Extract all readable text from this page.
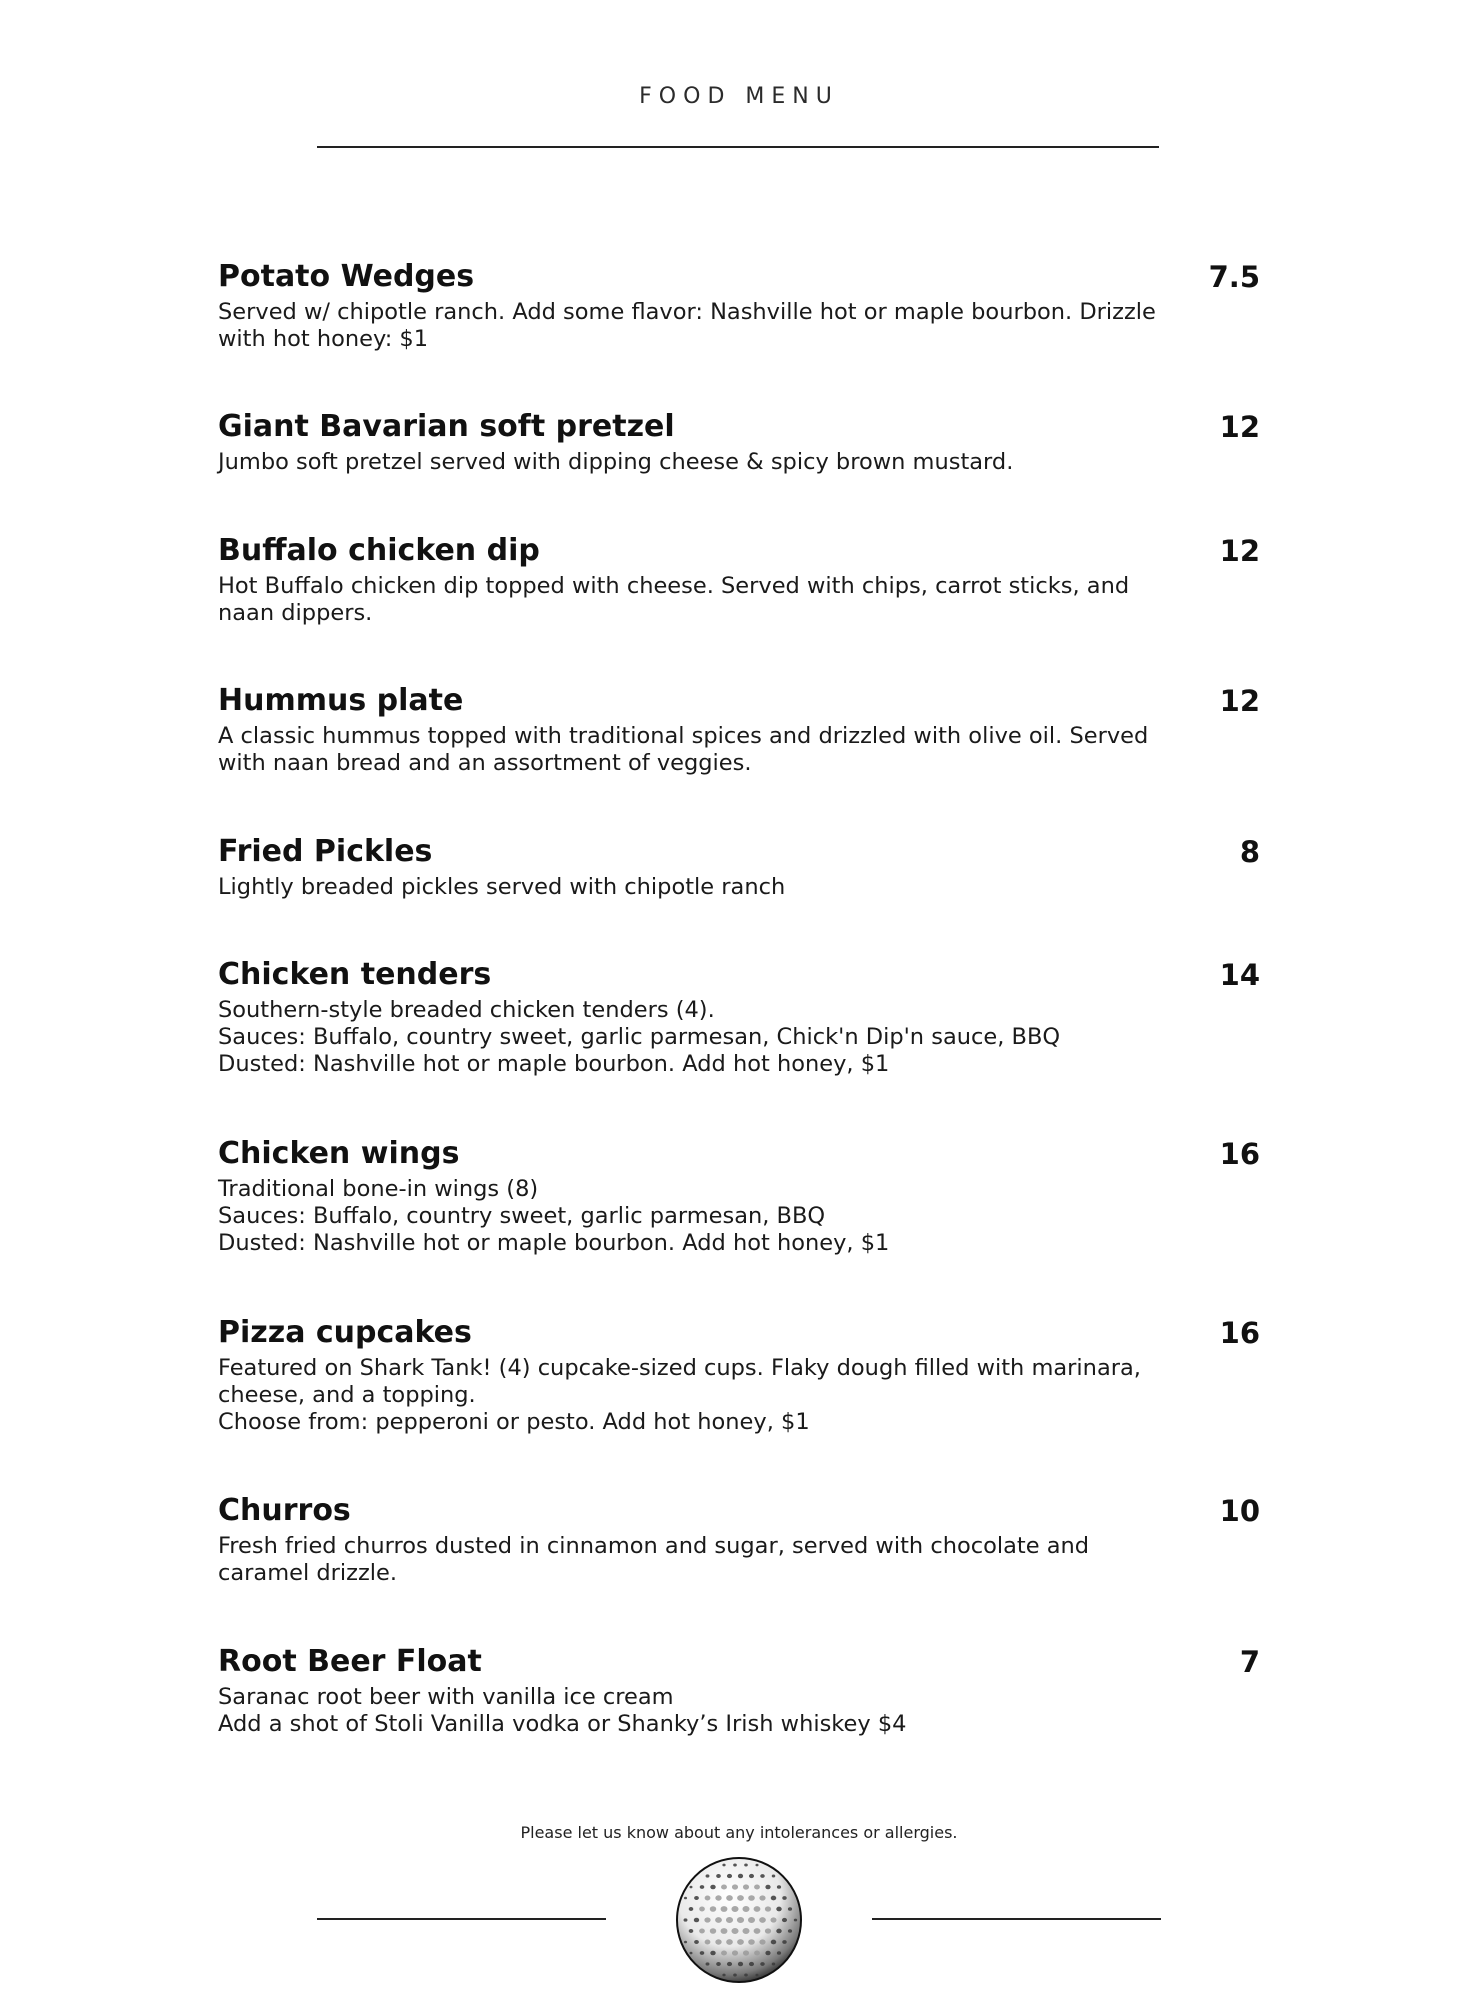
FOOD MENU
Potato Wedges	7.5
Served w/ chipotle ranch. Add some flavor: Nashville hot or maple bourbon. Drizzle
with hot honey: $1
Giant Bavarian soft pretzel	12
Jumbo soft pretzel served with dipping cheese & spicy brown mustard.
Buffalo chicken dip	12
Hot Buffalo chicken dip topped with cheese. Served with chips, carrot sticks, and
naan dippers.
Hummus plate	12
A classic hummus topped with traditional spices and drizzled with olive oil. Served
with naan bread and an assortment of veggies.
Fried Pickles	8
Lightly breaded pickles served with chipotle ranch
Chicken tenders	14
Southern-style breaded chicken tenders (4).
Sauces: Buffalo, country sweet, garlic parmesan, Chick'n Dip'n sauce, BBQ
Dusted: Nashville hot or maple bourbon. Add hot honey, $1
Chicken wings	16
Traditional bone-in wings (8)
Sauces: Buffalo, country sweet, garlic parmesan, BBQ
Dusted: Nashville hot or maple bourbon. Add hot honey, $1
Pizza cupcakes	16
Featured on Shark Tank! (4) cupcake-sized cups. Flaky dough filled with marinara,
cheese, and a topping.
Choose from: pepperoni or pesto. Add hot honey, $1
Churros	10
Fresh fried churros dusted in cinnamon and sugar, served with chocolate and
caramel drizzle.
Root Beer Float	7
Saranac root beer with vanilla ice cream
Add a shot of Stoli Vanilla vodka or Shanky’s Irish whiskey $4
Please let us know about any intolerances or allergies.
